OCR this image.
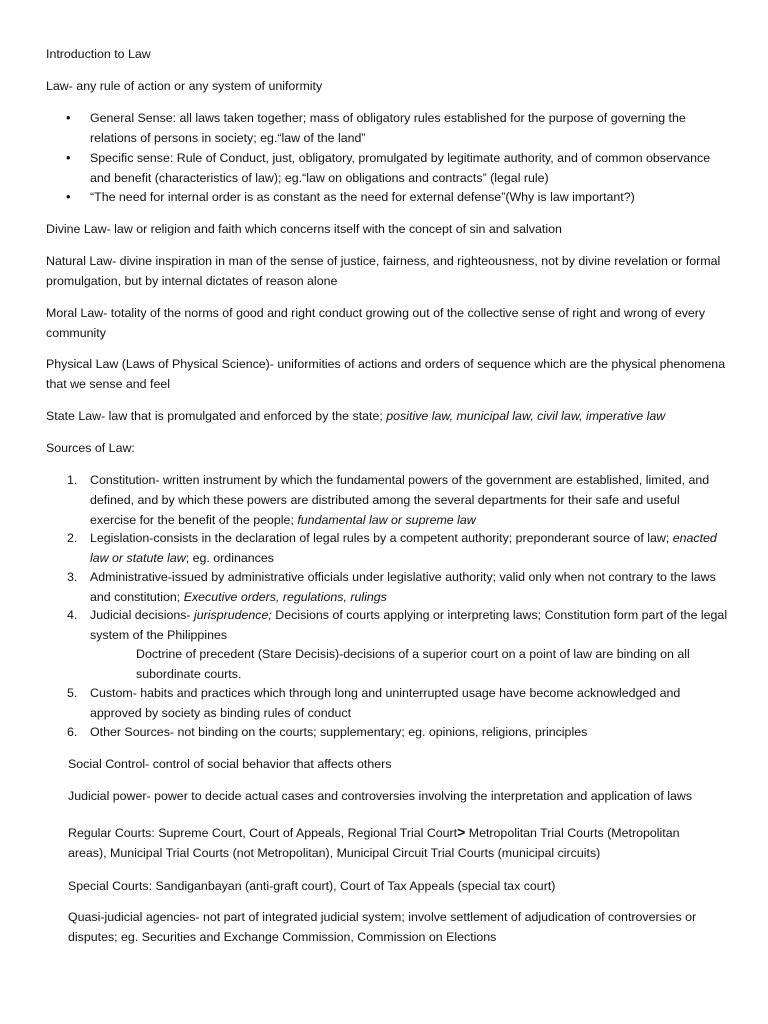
Introduction to Law

Law- any rule of action or any system of uniformity

• General Sense: all laws taken together; mass of obligatory rules established for the purpose of governing the relations of persons in society; eg.“law of the land”

• Specific sense: Rule of Conduct, just, obligatory, promulgated by legitimate authority, and of common observance and benefit (characteristics of law); eg.“law on obligations and contracts” (legal rule)

• “The need for internal order is as constant as the need for external defense”(Why is law important?)

Divine Law- law or religion and faith which concerns itself with the concept of sin and salvation

Natural Law- divine inspiration in man of the sense of justice, fairness, and righteousness, not by divine revelation or formal promulgation, but by internal dictates of reason alone

Moral Law- totality of the norms of good and right conduct growing out of the collective sense of right and wrong of every community

Physical Law (Laws of Physical Science)- uniformities of actions and orders of sequence which are the physical phenomena that we sense and feel

State Law- law that is promulgated and enforced by the state; positive law, municipal law, civil law, imperative law

Sources of Law:

1. Constitution- written instrument by which the fundamental powers of the government are established, limited, and defined, and by which these powers are distributed among the several departments for their safe and useful exercise for the benefit of the people; fundamental law or supreme law

2. Legislation-consists in the declaration of legal rules by a competent authority; preponderant source of law; enacted law or statute law; eg. ordinances

3. Administrative-issued by administrative officials under legislative authority; valid only when not contrary to the laws and constitution; Executive orders, regulations, rulings

4. Judicial decisions- jurisprudence; Decisions of courts applying or interpreting laws; Constitution form part of the legal system of the Philippines

Doctrine of precedent (Stare Decisis)-decisions of a superior court on a point of law are binding on all subordinate courts.

5. Custom- habits and practices which through long and uninterrupted usage have become acknowledged and approved by society as binding rules of conduct

6. Other Sources- not binding on the courts; supplementary; eg. opinions, religions, principles

Social Control- control of social behavior that affects others

Judicial power- power to decide actual cases and controversies involving the interpretation and application of laws

Regular Courts: Supreme Court, Court of Appeals, Regional Trial Court> Metropolitan Trial Courts (Metropolitan areas), Municipal Trial Courts (not Metropolitan), Municipal Circuit Trial Courts (municipal circuits)

Special Courts: Sandiganbayan (anti-graft court), Court of Tax Appeals (special tax court)

Quasi-judicial agencies- not part of integrated judicial system; involve settlement of adjudication of controversies or disputes; eg. Securities and Exchange Commission, Commission on Elections
